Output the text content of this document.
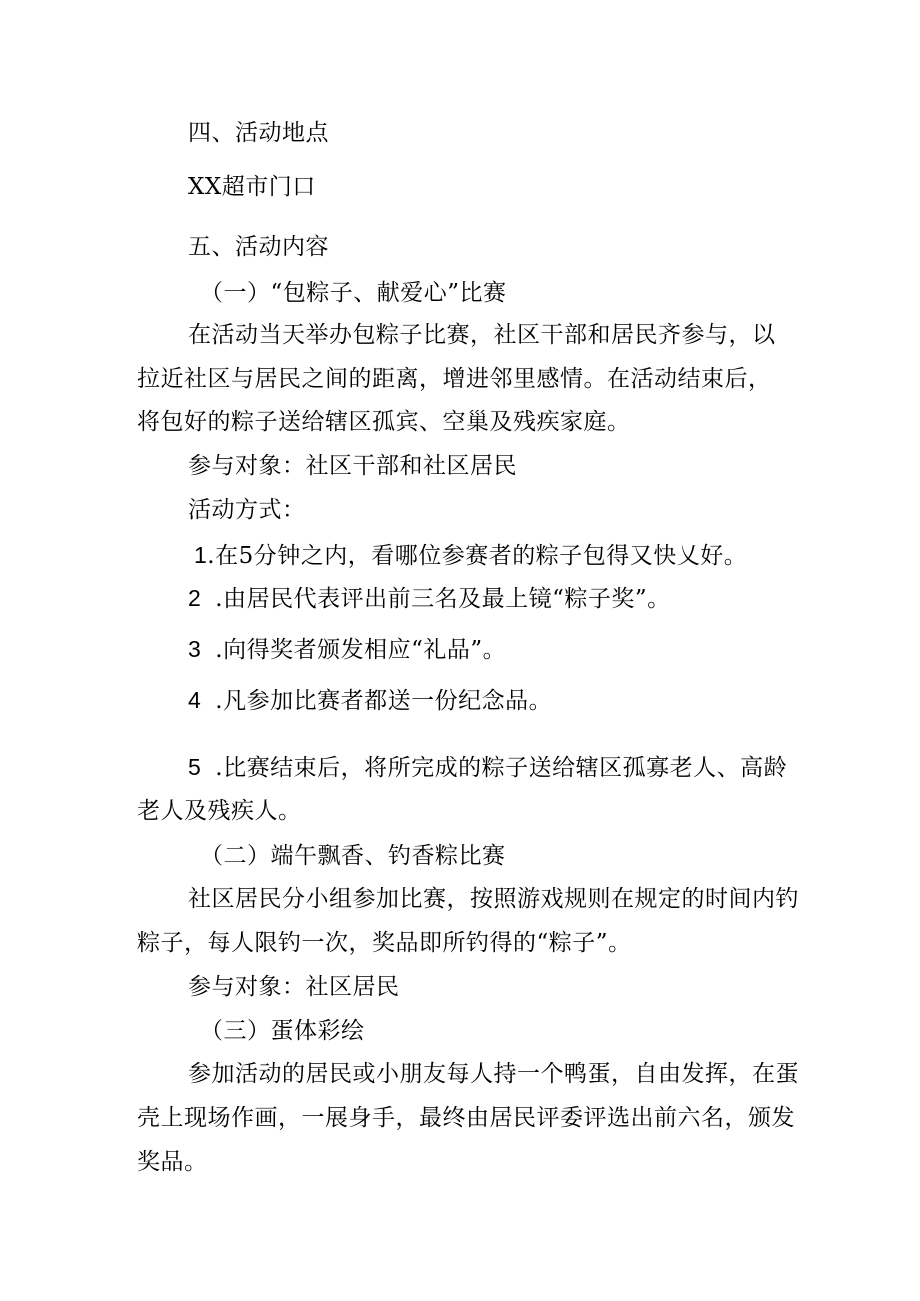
四、活动地点
XX超市门口
五、活动内容
（一）“包粽子、献爱心”比赛
在活动当天举办包粽子比赛，社区干部和居民齐参与，以
拉近社区与居民之间的距离，增进邻里感情。在活动结束后，
将包好的粽子送给辖区孤宾、空巢及残疾家庭。
参与对象：社区干部和社区居民
活动方式：
1.在5分钟之内，看哪位参赛者的粽子包得又快乂好。
2 .由居民代表评出前三名及最上镜“粽子奖”。
3 .向得奖者颁发相应“礼品”。
4 .凡参加比赛者都送一份纪念品。
5 .比赛结束后，将所完成的粽子送给辖区孤寡老人、高龄
老人及残疾人。
（二）端午飘香、钓香粽比赛
社区居民分小组参加比赛，按照游戏规则在规定的时间内钓
粽子，每人限钓一次，奖品即所钓得的“粽子”。
参与对象：社区居民
（三）蛋体彩绘
参加活动的居民或小朋友每人持一个鸭蛋，自由发挥，在蛋
壳上现场作画，一展身手，最终由居民评委评选出前六名，颁发
奖品。
